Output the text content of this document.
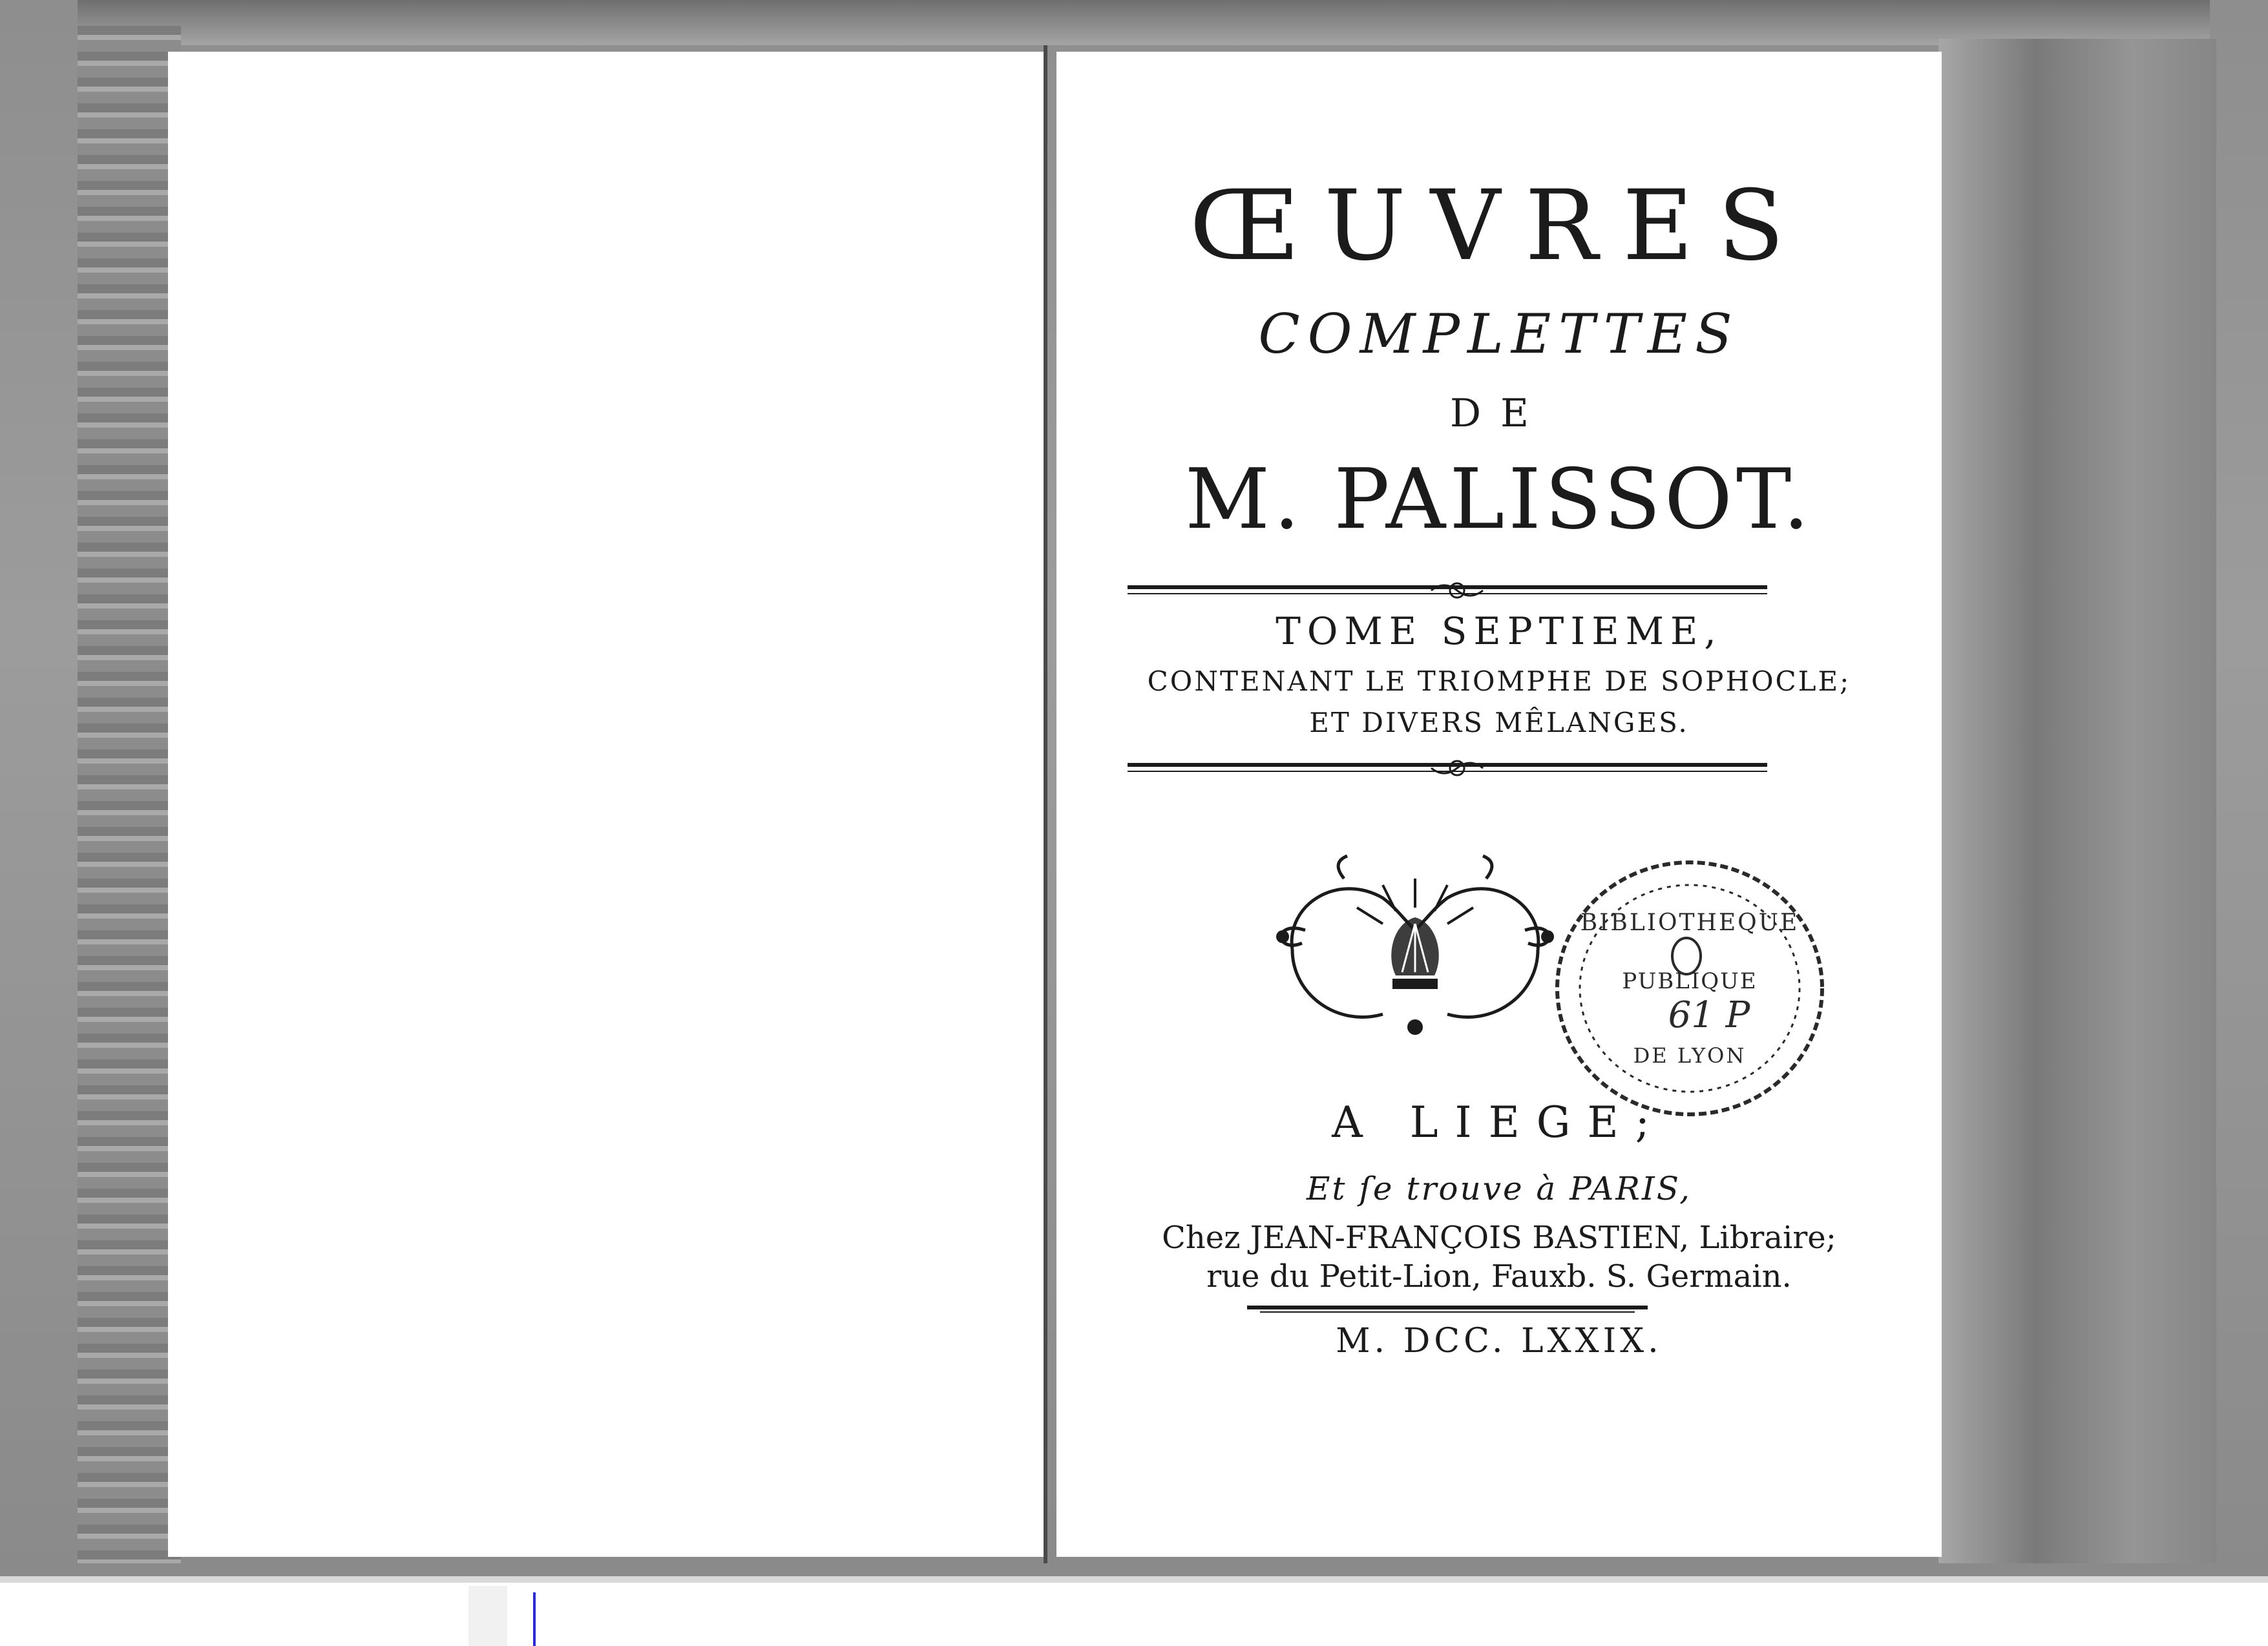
ŒUVRES
COMPLETTES
DE
M. PALISSOT.
TOME SEPTIEME,
CONTENANT LE TRIOMPHE DE SOPHOCLE;
ET DIVERS MÊLANGES.
BIBLIOTHEQUE
PUBLIQUE
61 P
DE LYON
A LIEGE;
Et ſe trouve à PARIS,
Chez JEAN-FRANÇOIS BASTIEN, Libraire;
rue du Petit-Lion, Fauxb. S. Germain.
M. DCC. LXXIX.
